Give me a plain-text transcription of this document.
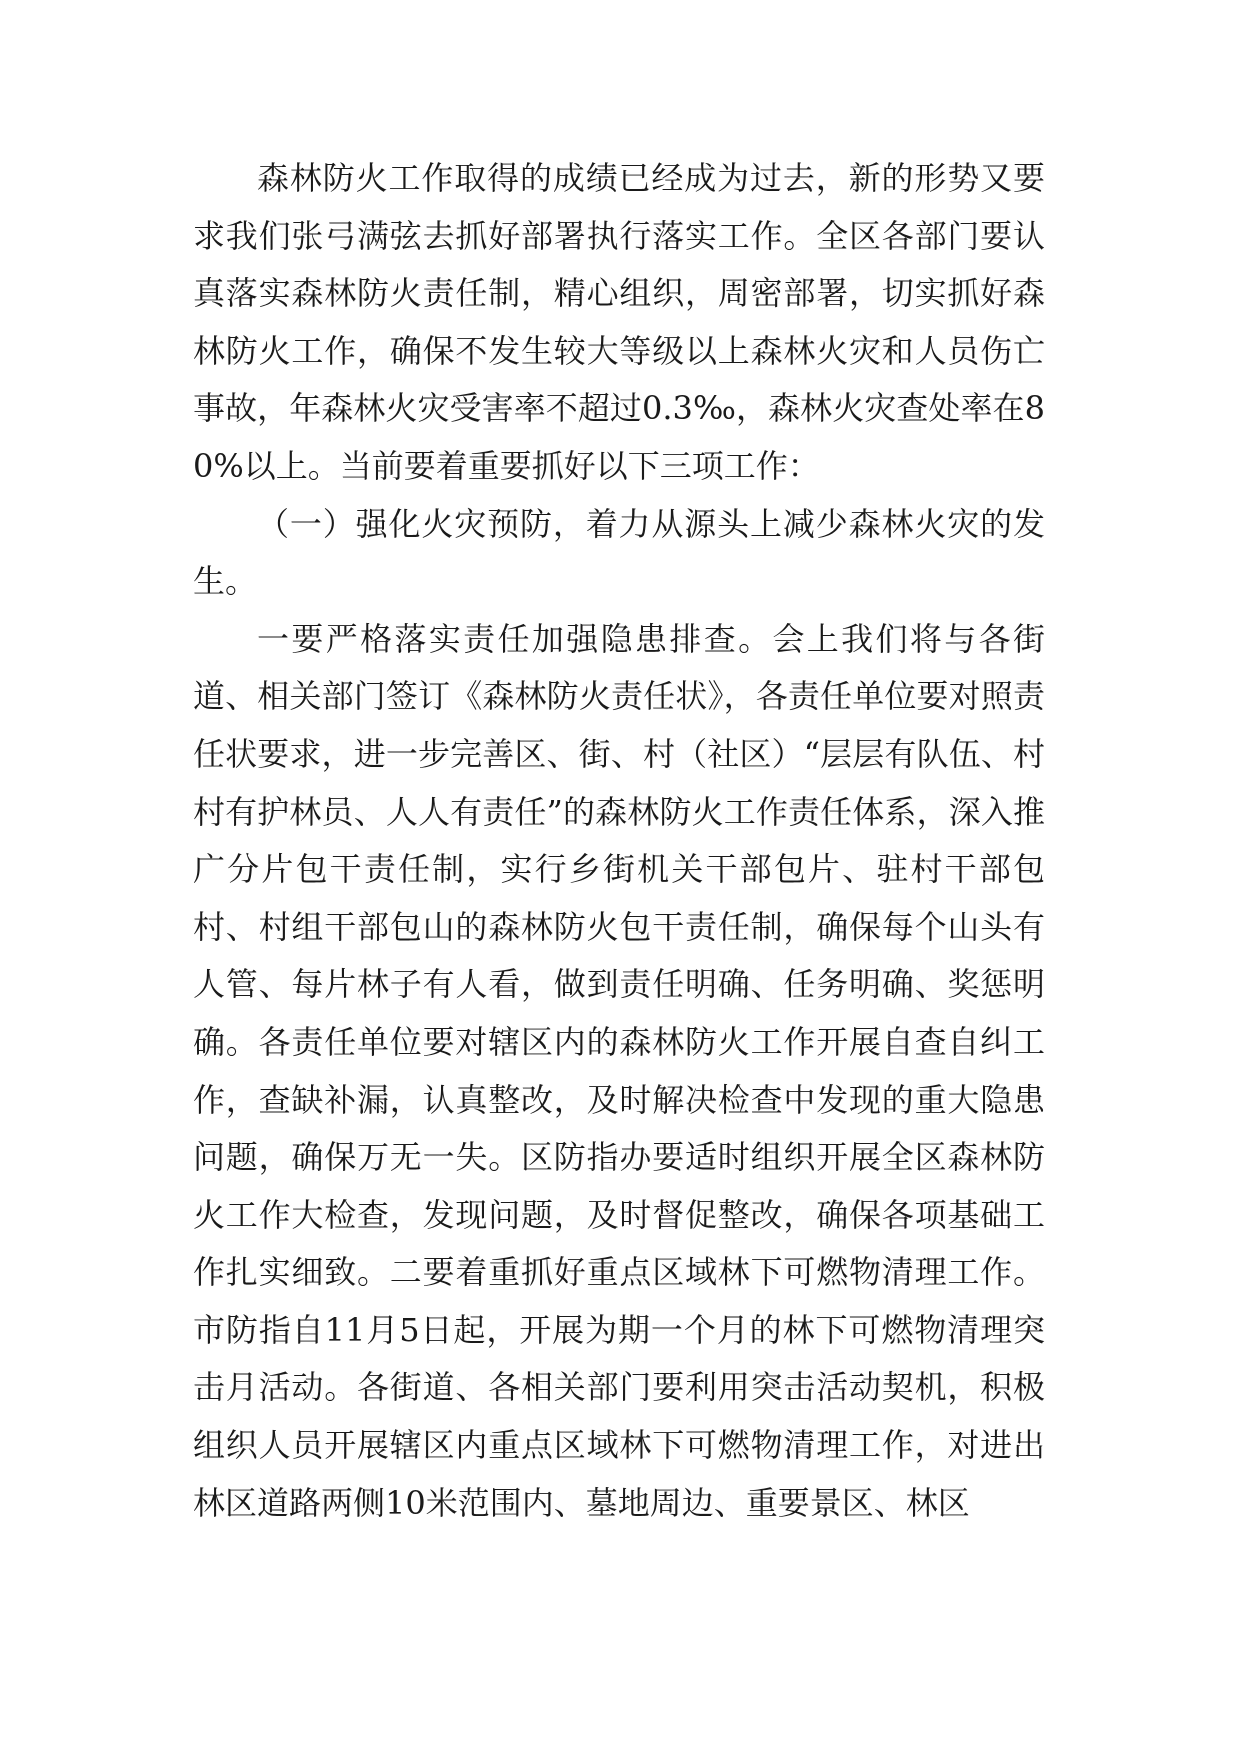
森林防火工作取得的成绩已经成为过去，新的形势又要求我们张弓满弦去抓好部署执行落实工作。全区各部门要认真落实森林防火责任制，精心组织，周密部署，切实抓好森林防火工作，确保不发生较大等级以上森林火灾和人员伤亡事故，年森林火灾受害率不超过0.3‰，森林火灾查处率在80%以上。当前要着重要抓好以下三项工作：

（一）强化火灾预防，着力从源头上减少森林火灾的发生。

一要严格落实责任加强隐患排查。会上我们将与各街道、相关部门签订《森林防火责任状》，各责任单位要对照责任状要求，进一步完善区、街、村（社区）“层层有队伍、村村有护林员、人人有责任”的森林防火工作责任体系，深入推广分片包干责任制，实行乡街机关干部包片、驻村干部包村、村组干部包山的森林防火包干责任制，确保每个山头有人管、每片林子有人看，做到责任明确、任务明确、奖惩明确。各责任单位要对辖区内的森林防火工作开展自查自纠工作，查缺补漏，认真整改，及时解决检查中发现的重大隐患问题，确保万无一失。区防指办要适时组织开展全区森林防火工作大检查，发现问题，及时督促整改，确保各项基础工作扎实细致。二要着重抓好重点区域林下可燃物清理工作。市防指自11月5日起，开展为期一个月的林下可燃物清理突击月活动。各街道、各相关部门要利用突击活动契机，积极组织人员开展辖区内重点区域林下可燃物清理工作，对进出林区道路两侧10米范围内、墓地周边、重要景区、林区
